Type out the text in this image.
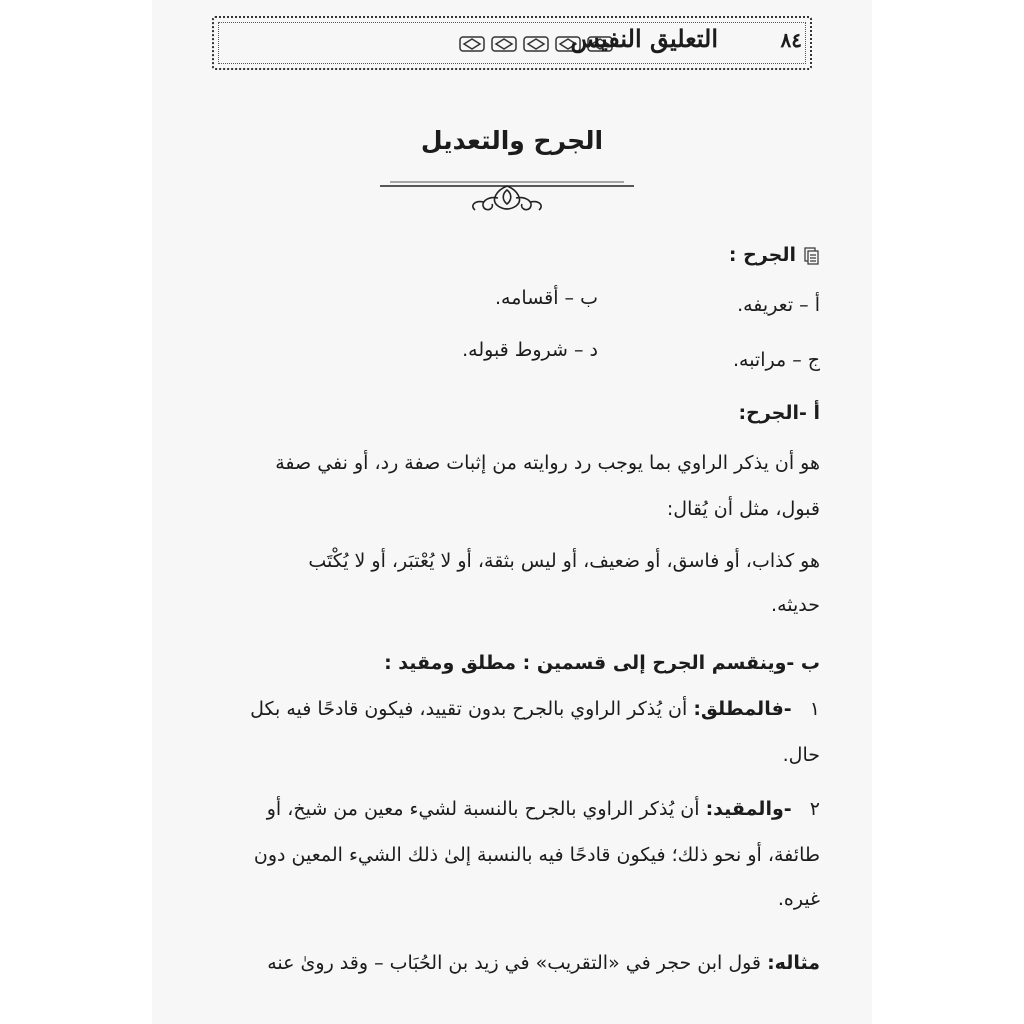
٨٤
التعليق النفيس
الجرح والتعديل
الجرح :
أ – تعريفه.
ب – أقسامه.
ج – مراتبه.
د – شروط قبوله.
أ -الجرح:
هو أن يذكر الراوي بما يوجب رد روايته من إثبات صفة رد، أو نفي صفة
قبول، مثل أن يُقال:
هو كذاب، أو فاسق، أو ضعيف، أو ليس بثقة، أو لا يُعْتبَر، أو لا يُكْتَب
حديثه.
ب -وينقسم الجرح إلى قسمين : مطلق ومقيد :
١   -فالمطلق: أن يُذكر الراوي بالجرح بدون تقييد، فيكون قادحًا فيه بكل
حال.
٢   -والمقيد: أن يُذكر الراوي بالجرح بالنسبة لشيء معين من شيخ، أو
طائفة، أو نحو ذلك؛ فيكون قادحًا فيه بالنسبة إلىٰ ذلك الشيء المعين دون
غيره.
مثاله: قول ابن حجر في «التقريب» في زيد بن الحُبَاب – وقد روىٰ عنه
